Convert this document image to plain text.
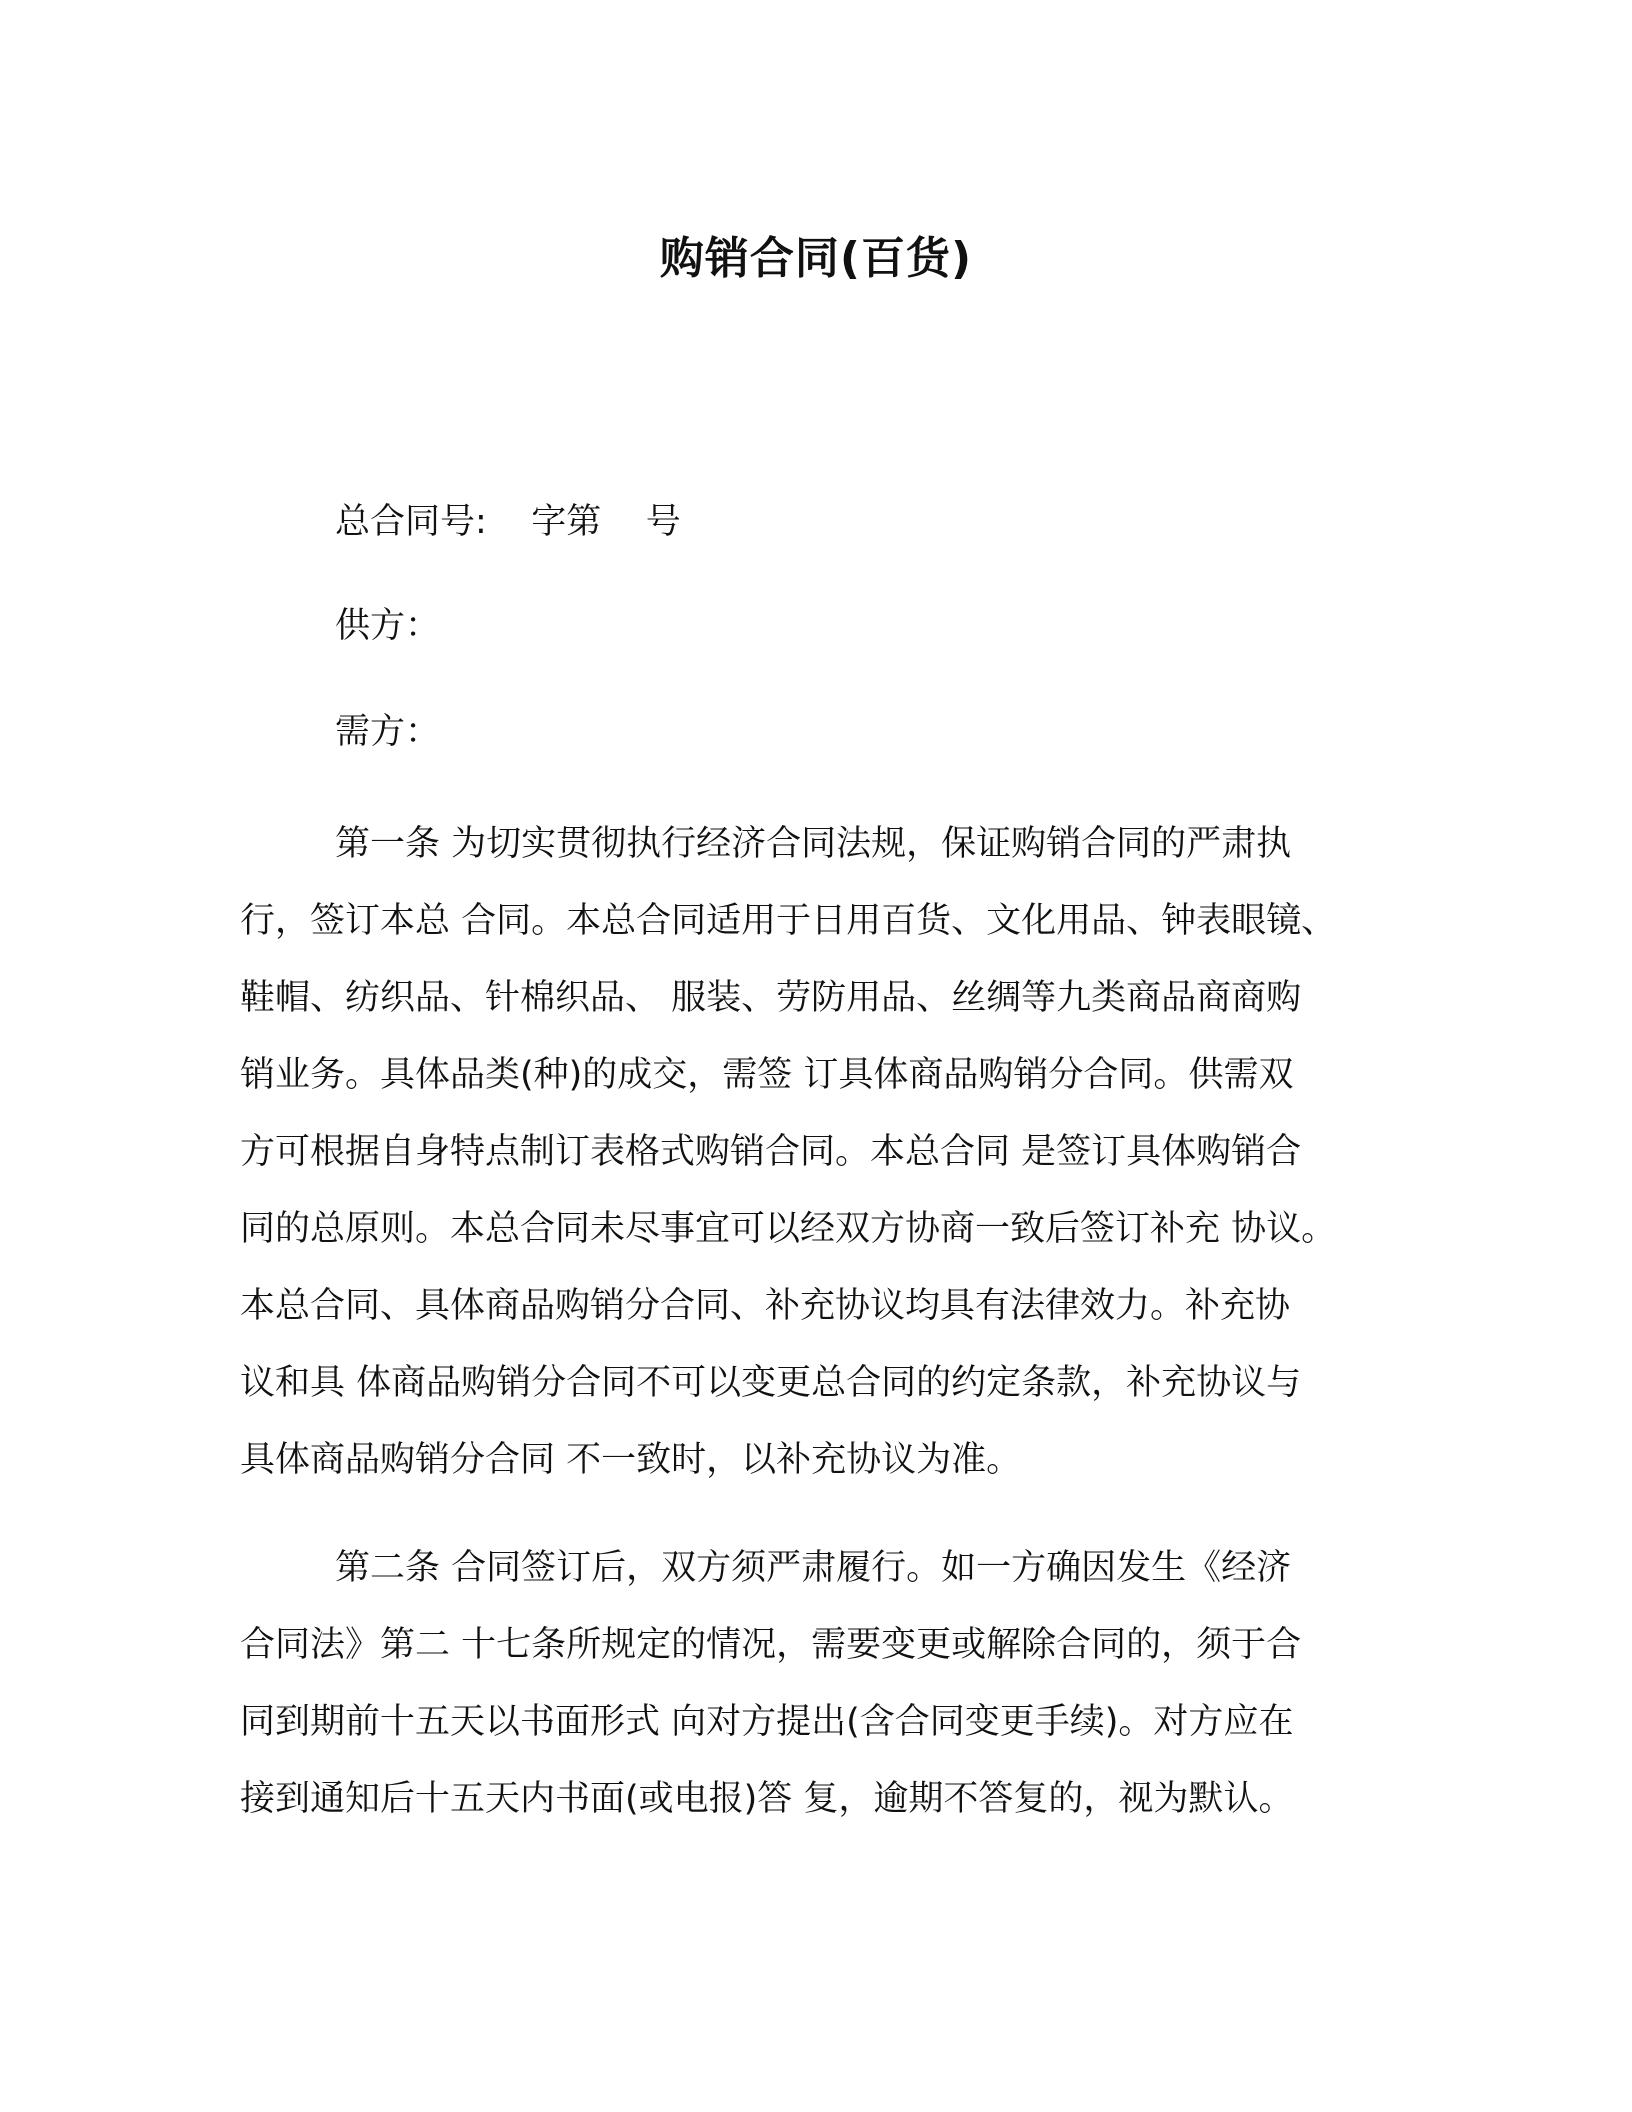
购销合同(百货)
总合同号:    字第    号
供方：
需方：

第一条 为切实贯彻执行经济合同法规，保证购销合同的严肃执

行，签订本总 合同。本总合同适用于日用百货、文化用品、钟表眼镜、

鞋帽、纺织品、针棉织品、 服装、劳防用品、丝绸等九类商品商商购

销业务。具体品类(种)的成交，需签 订具体商品购销分合同。供需双

方可根据自身特点制订表格式购销合同。本总合同 是签订具体购销合

同的总原则。本总合同未尽事宜可以经双方协商一致后签订补充 协议。

本总合同、具体商品购销分合同、补充协议均具有法律效力。补充协

议和具 体商品购销分合同不可以变更总合同的约定条款，补充协议与

具体商品购销分合同 不一致时，以补充协议为准。

第二条 合同签订后，双方须严肃履行。如一方确因发生《经济

合同法》第二 十七条所规定的情况，需要变更或解除合同的，须于合

同到期前十五天以书面形式 向对方提出(含合同变更手续)。对方应在

接到通知后十五天内书面(或电报)答 复，逾期不答复的，视为默认。
